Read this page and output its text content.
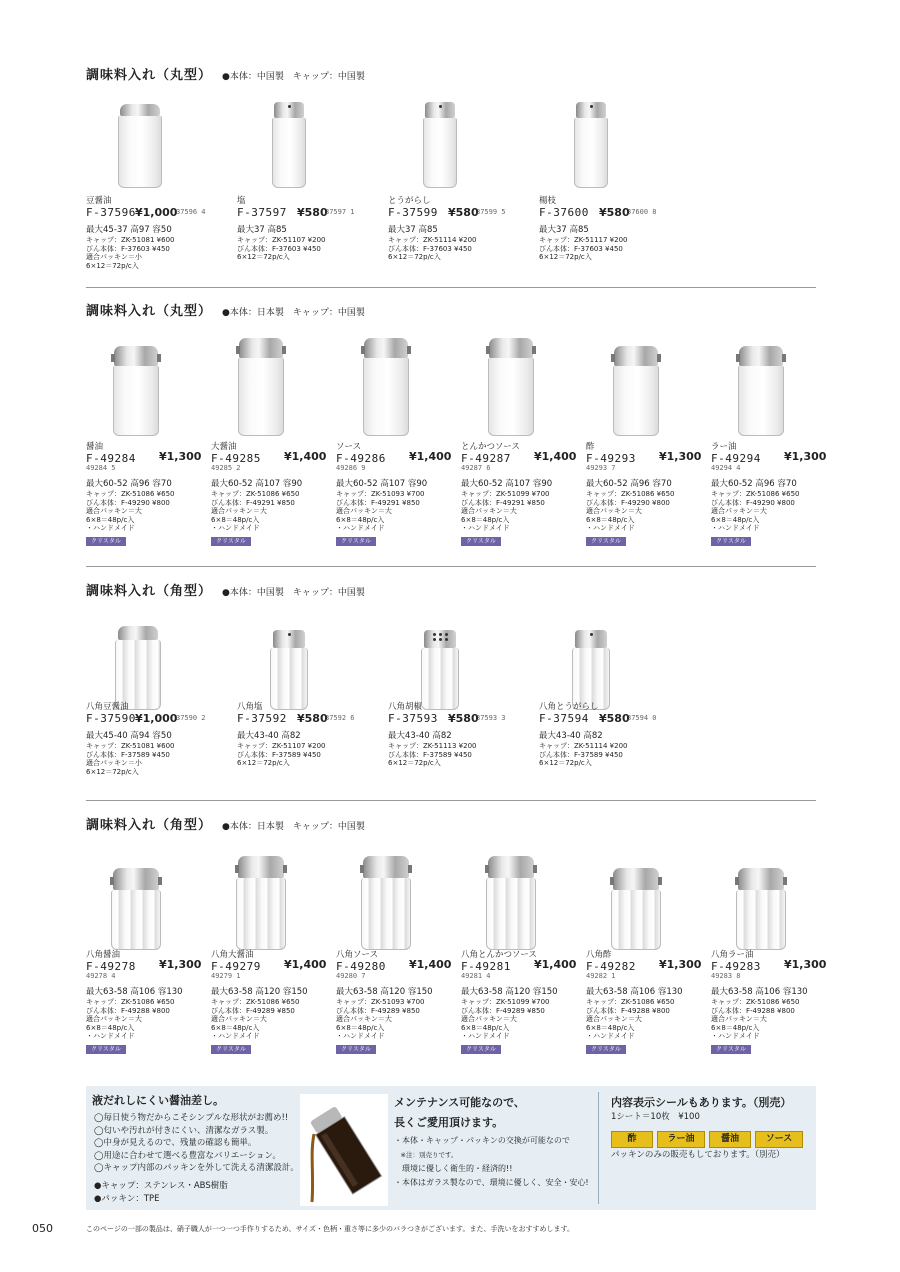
調味料入れ（丸型） ●本体：中国製　キャップ：中国製
豆醤油
F-37596 ¥1,000
37596 4
最大45-37 高97 容50
キャップ：ZK-51081 ¥600
びん本体：F-37603 ¥450
適合パッキン＝小
6×12＝72p/c入
塩
F-37597 ¥580
37597 1
最大37 高85
キャップ：ZK-51107 ¥200
びん本体：F-37603 ¥450
6×12＝72p/c入
とうがらし
F-37599 ¥580
37599 5
最大37 高85
キャップ：ZK-51114 ¥200
びん本体：F-37603 ¥450
6×12＝72p/c入
楊枝
F-37600 ¥580
37600 8
最大37 高85
キャップ：ZK-51117 ¥200
びん本体：F-37603 ¥450
6×12＝72p/c入
調味料入れ（丸型） ●本体：日本製　キャップ：中国製
醤油
F-49284 ¥1,300
49284 5
最大60-52 高96 容70
キャップ：ZK-51086 ¥650
びん本体：F-49290 ¥800
適合パッキン＝大
6×8＝48p/c入
・ハンドメイド
クリスタル
大醤油
F-49285 ¥1,400
49285 2
最大60-52 高107 容90
キャップ：ZK-51086 ¥650
びん本体：F-49291 ¥850
適合パッキン＝大
6×8＝48p/c入
・ハンドメイド
クリスタル
ソース
F-49286 ¥1,400
49286 9
最大60-52 高107 容90
キャップ：ZK-51093 ¥700
びん本体：F-49291 ¥850
適合パッキン＝大
6×8＝48p/c入
・ハンドメイド
クリスタル
とんかつソース
F-49287 ¥1,400
49287 6
最大60-52 高107 容90
キャップ：ZK-51099 ¥700
びん本体：F-49291 ¥850
適合パッキン＝大
6×8＝48p/c入
・ハンドメイド
クリスタル
酢
F-49293 ¥1,300
49293 7
最大60-52 高96 容70
キャップ：ZK-51086 ¥650
びん本体：F-49290 ¥800
適合パッキン＝大
6×8＝48p/c入
・ハンドメイド
クリスタル
ラー油
F-49294 ¥1,300
49294 4
最大60-52 高96 容70
キャップ：ZK-51086 ¥650
びん本体：F-49290 ¥800
適合パッキン＝大
6×8＝48p/c入
・ハンドメイド
クリスタル
調味料入れ（角型） ●本体：中国製　キャップ：中国製
八角豆醤油
F-37590 ¥1,000
37590 2
最大45-40 高94 容50
キャップ：ZK-51081 ¥600
びん本体：F-37589 ¥450
適合パッキン＝小
6×12＝72p/c入
八角塩
F-37592 ¥580
37592 6
最大43-40 高82
キャップ：ZK-51107 ¥200
びん本体：F-37589 ¥450
6×12＝72p/c入
八角胡椒
F-37593 ¥580
37593 3
最大43-40 高82
キャップ：ZK-51113 ¥200
びん本体：F-37589 ¥450
6×12＝72p/c入
八角とうがらし
F-37594 ¥580
37594 0
最大43-40 高82
キャップ：ZK-51114 ¥200
びん本体：F-37589 ¥450
6×12＝72p/c入
調味料入れ（角型） ●本体：日本製　キャップ：中国製
八角醤油
F-49278 ¥1,300
49278 4
最大63-58 高106 容130
キャップ：ZK-51086 ¥650
びん本体：F-49288 ¥800
適合パッキン＝大
6×8＝48p/c入
・ハンドメイド
クリスタル
八角大醤油
F-49279 ¥1,400
49279 1
最大63-58 高120 容150
キャップ：ZK-51086 ¥650
びん本体：F-49289 ¥850
適合パッキン＝大
6×8＝48p/c入
・ハンドメイド
クリスタル
八角ソース
F-49280 ¥1,400
49280 7
最大63-58 高120 容150
キャップ：ZK-51093 ¥700
びん本体：F-49289 ¥850
適合パッキン＝大
6×8＝48p/c入
・ハンドメイド
クリスタル
八角とんかつソース
F-49281 ¥1,400
49281 4
最大63-58 高120 容150
キャップ：ZK-51099 ¥700
びん本体：F-49289 ¥850
適合パッキン＝大
6×8＝48p/c入
・ハンドメイド
クリスタル
八角酢
F-49282 ¥1,300
49282 1
最大63-58 高106 容130
キャップ：ZK-51086 ¥650
びん本体：F-49288 ¥800
適合パッキン＝大
6×8＝48p/c入
・ハンドメイド
クリスタル
八角ラー油
F-49283 ¥1,300
49283 8
最大63-58 高106 容130
キャップ：ZK-51086 ¥650
びん本体：F-49288 ¥800
適合パッキン＝大
6×8＝48p/c入
・ハンドメイド
クリスタル
液だれしにくい醤油差し。
◯毎日使う物だからこそシンプルな形状がお薦め!!
◯匂いや汚れが付きにくい、清潔なガラス製。
◯中身が見えるので、残量の確認も簡単。
◯用途に合わせて選べる豊富なバリエーション。
◯キャップ内部のパッキンを外して洗える清潔設計。
●キャップ：ステンレス・ABS樹脂
●パッキン：TPE
メンテナンス可能なので、
長くご愛用頂けます。
・本体・キャップ・パッキンの交換が可能なので
　※注：別売りです。
　環境に優しく衛生的・経済的!!
・本体はガラス製なので、環境に優しく、安全・安心!
内容表示シールもあります。（別売）
1シート＝10枚　¥100
酢	ラー油	醤油	ソース
パッキンのみの販売もしております。（別売）
050	このページの一部の製品は、硝子職人が一つ一つ手作りするため、サイズ・色柄・重さ等に多少のバラつきがございます。また、手洗いをおすすめします。
